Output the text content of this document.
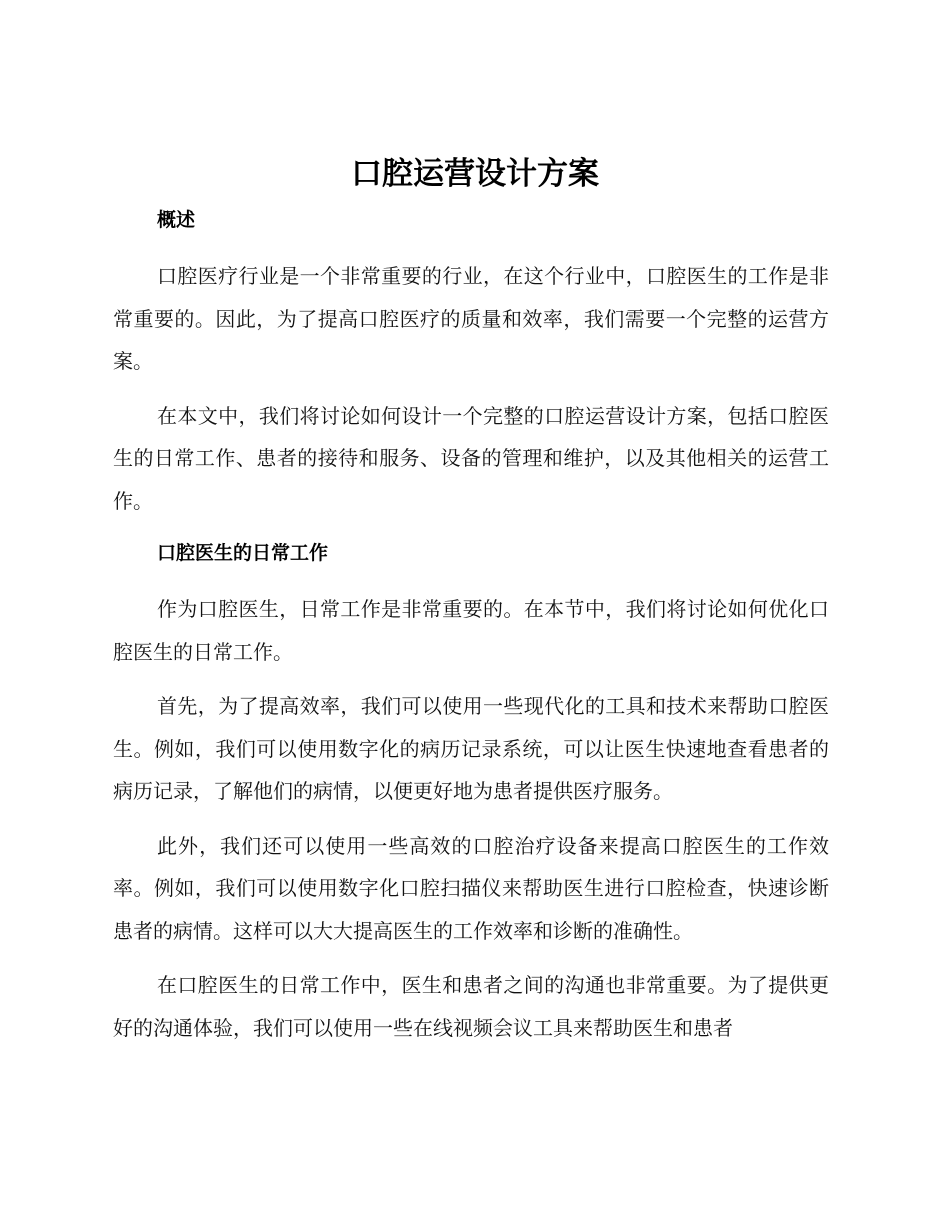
口腔运营设计方案
概述

口腔医疗行业是一个非常重要的行业，在这个行业中，口腔医生的工作是非常重要的。因此，为了提高口腔医疗的质量和效率，我们需要一个完整的运营方案。

在本文中，我们将讨论如何设计一个完整的口腔运营设计方案，包括口腔医生的日常工作、患者的接待和服务、设备的管理和维护，以及其他相关的运营工作。

口腔医生的日常工作

作为口腔医生，日常工作是非常重要的。在本节中，我们将讨论如何优化口腔医生的日常工作。

首先，为了提高效率，我们可以使用一些现代化的工具和技术来帮助口腔医生。例如，我们可以使用数字化的病历记录系统，可以让医生快速地查看患者的病历记录，了解他们的病情，以便更好地为患者提供医疗服务。

此外，我们还可以使用一些高效的口腔治疗设备来提高口腔医生的工作效率。例如，我们可以使用数字化口腔扫描仪来帮助医生进行口腔检查，快速诊断患者的病情。这样可以大大提高医生的工作效率和诊断的准确性。

在口腔医生的日常工作中，医生和患者之间的沟通也非常重要。为了提供更好的沟通体验，我们可以使用一些在线视频会议工具来帮助医生和患者
